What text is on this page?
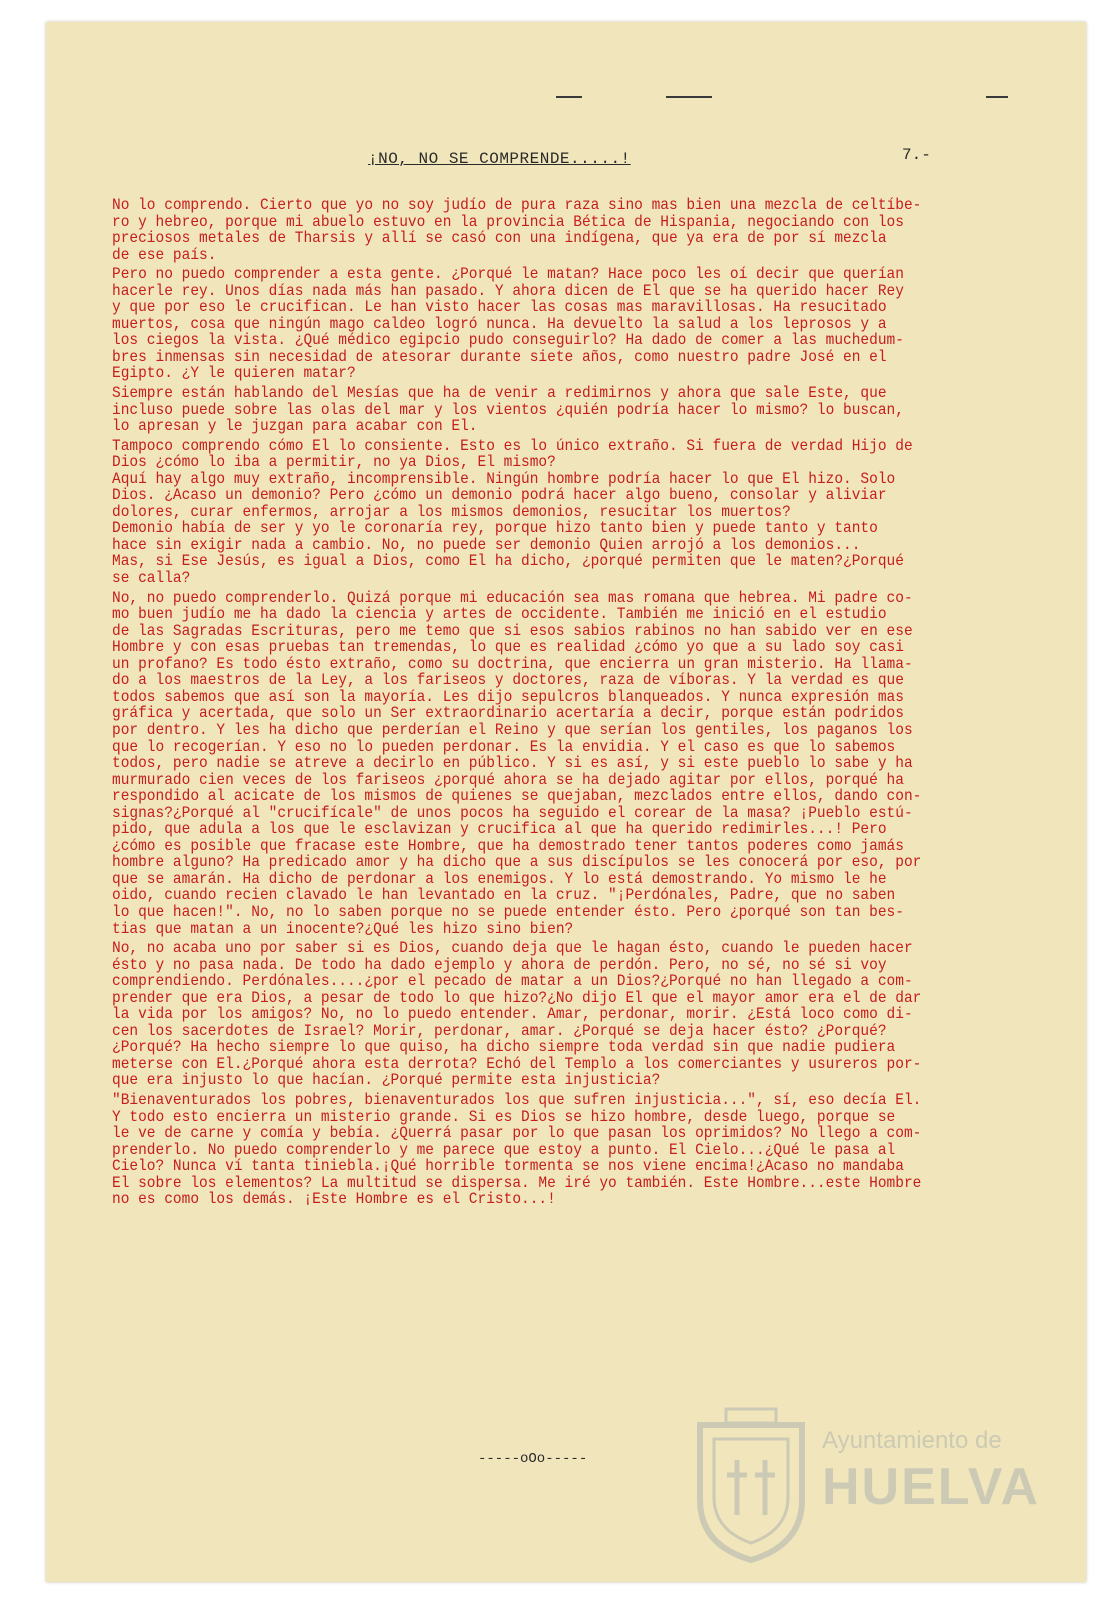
¡NO, NO SE COMPRENDE.....!	7.-
No lo comprendo. Cierto que yo no soy judío de pura raza sino mas bien una mezcla de celtíbe-
ro y hebreo, porque mi abuelo estuvo en la provincia Bética de Hispania, negociando con los
preciosos metales de Tharsis y allí se casó con una indígena, que ya era de por sí mezcla
de ese país.
Pero no puedo comprender a esta gente. ¿Porqué le matan? Hace poco les oí decir que querían
hacerle rey. Unos días nada más han pasado. Y ahora dicen de El que se ha querido hacer Rey
y que por eso le crucifican. Le han visto hacer las cosas mas maravillosas. Ha resucitado
muertos, cosa que ningún mago caldeo logró nunca. Ha devuelto la salud a los leprosos y a
los ciegos la vista. ¿Qué médico egipcio pudo conseguirlo? Ha dado de comer a las muchedum-
bres inmensas sin necesidad de atesorar durante siete años, como nuestro padre José en el
Egipto. ¿Y le quieren matar?
Siempre están hablando del Mesías que ha de venir a redimirnos y ahora que sale Este, que
incluso puede sobre las olas del mar y los vientos ¿quién podría hacer lo mismo? lo buscan,
lo apresan y le juzgan para acabar con El.
Tampoco comprendo cómo El lo consiente. Esto es lo único extraño. Si fuera de verdad Hijo de
Dios ¿cómo lo iba a permitir, no ya Dios, El mismo?
Aquí hay algo muy extraño, incomprensible. Ningún hombre podría hacer lo que El hizo. Solo
Dios. ¿Acaso un demonio? Pero ¿cómo un demonio podrá hacer algo bueno, consolar y aliviar
dolores, curar enfermos, arrojar a los mismos demonios, resucitar los muertos?
Demonio había de ser y yo le coronaría rey, porque hizo tanto bien y puede tanto y tanto
hace sin exigir nada a cambio. No, no puede ser demonio Quien arrojó a los demonios...
Mas, si Ese Jesús, es igual a Dios, como El ha dicho, ¿porqué permiten que le maten?¿Porqué
se calla?
No, no puedo comprenderlo. Quizá porque mi educación sea mas romana que hebrea. Mi padre co-
mo buen judío me ha dado la ciencia y artes de occidente. También me inició en el estudio
de las Sagradas Escrituras, pero me temo que si esos sabios rabinos no han sabido ver en ese
Hombre y con esas pruebas tan tremendas, lo que es realidad ¿cómo yo que a su lado soy casi
un profano? Es todo ésto extraño, como su doctrina, que encierra un gran misterio. Ha llama-
do a los maestros de la Ley, a los fariseos y doctores, raza de víboras. Y la verdad es que
todos sabemos que así son la mayoría. Les dijo sepulcros blanqueados. Y nunca expresión mas
gráfica y acertada, que solo un Ser extraordinario acertaría a decir, porque están podridos
por dentro. Y les ha dicho que perderían el Reino y que serían los gentiles, los paganos los
que lo recogerían. Y eso no lo pueden perdonar. Es la envidia. Y el caso es que lo sabemos
todos, pero nadie se atreve a decirlo en público. Y si es así, y si este pueblo lo sabe y ha
murmurado cien veces de los fariseos ¿porqué ahora se ha dejado agitar por ellos, porqué ha
respondido al acicate de los mismos de quienes se quejaban, mezclados entre ellos, dando con-
signas?¿Porqué al "crucifícale" de unos pocos ha seguido el corear de la masa? ¡Pueblo estú-
pido, que adula a los que le esclavizan y crucifica al que ha querido redimirles...! Pero
¿cómo es posible que fracase este Hombre, que ha demostrado tener tantos poderes como jamás
hombre alguno? Ha predicado amor y ha dicho que a sus discípulos se les conocerá por eso, por
que se amarán. Ha dicho de perdonar a los enemigos. Y lo está demostrando. Yo mismo le he
oido, cuando recien clavado le han levantado en la cruz. "¡Perdónales, Padre, que no saben
lo que hacen!". No, no lo saben porque no se puede entender ésto. Pero ¿porqué son tan bes-
tias que matan a un inocente?¿Qué les hizo sino bien?
No, no acaba uno por saber si es Dios, cuando deja que le hagan ésto, cuando le pueden hacer
ésto y no pasa nada. De todo ha dado ejemplo y ahora de perdón. Pero, no sé, no sé si voy
comprendiendo. Perdónales....¿por el pecado de matar a un Dios?¿Porqué no han llegado a com-
prender que era Dios, a pesar de todo lo que hizo?¿No dijo El que el mayor amor era el de dar
la vida por los amigos? No, no lo puedo entender. Amar, perdonar, morir. ¿Está loco como di-
cen los sacerdotes de Israel? Morir, perdonar, amar. ¿Porqué se deja hacer ésto? ¿Porqué?
¿Porqué? Ha hecho siempre lo que quiso, ha dicho siempre toda verdad sin que nadie pudiera
meterse con El.¿Porqué ahora esta derrota? Echó del Templo a los comerciantes y usureros por-
que era injusto lo que hacían. ¿Porqué permite esta injusticia?
"Bienaventurados los pobres, bienaventurados los que sufren injusticia...", sí, eso decía El.
Y todo esto encierra un misterio grande. Si es Dios se hizo hombre, desde luego, porque se
le ve de carne y comía y bebía. ¿Querrá pasar por lo que pasan los oprimidos? No llego a com-
prenderlo. No puedo comprenderlo y me parece que estoy a punto. El Cielo...¿Qué le pasa al
Cielo? Nunca ví tanta tiniebla.¡Qué horrible tormenta se nos viene encima!¿Acaso no mandaba
El sobre los elementos? La multitud se dispersa. Me iré yo también. Este Hombre...este Hombre
no es como los demás. ¡Este Hombre es el Cristo...!
-----oOo-----
Ayuntamiento de
HUELVA
